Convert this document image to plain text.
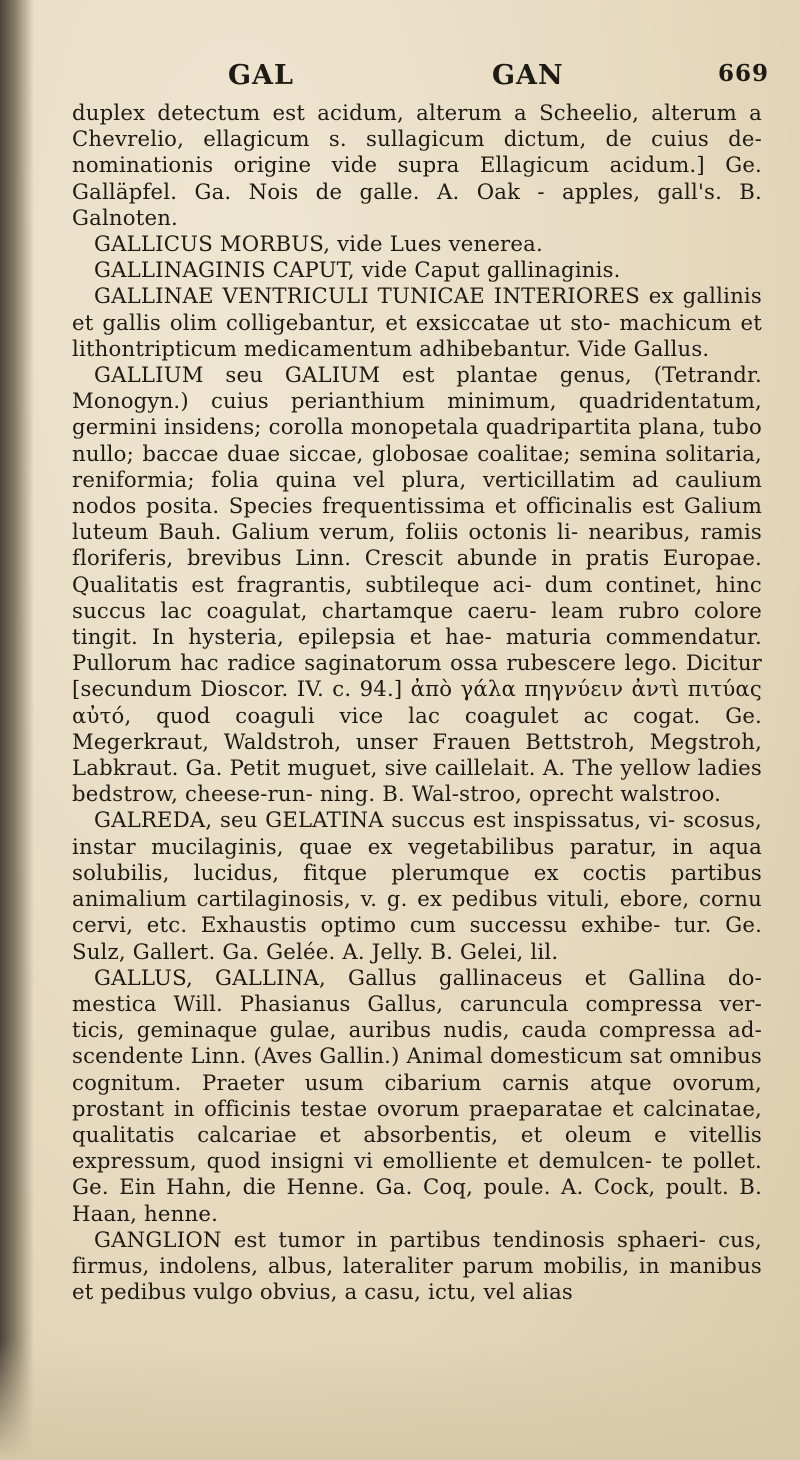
GAL	GAN	669

duplex detectum est acidum, alterum a Scheelio, alterum a Chevrelio, ellagicum s. sullagicum dictum, de cuius de- nominationis origine vide supra Ellagicum acidum.] Ge. Galläpfel. Ga. Nois de galle. A. Oak - apples, gall's. B. Galnoten.

GALLICUS MORBUS, vide Lues venerea.

GALLINAGINIS CAPUT, vide Caput gallinaginis.

GALLINAE VENTRICULI TUNICAE INTERIORES ex gallinis et gallis olim colligebantur, et exsiccatae ut sto- machicum et lithontripticum medicamentum adhibebantur. Vide Gallus.

GALLIUM seu GALIUM est plantae genus, (Tetrandr. Monogyn.) cuius perianthium minimum, quadridentatum, germini insidens; corolla monopetala quadripartita plana, tubo nullo; baccae duae siccae, globosae coalitae; semina solitaria, reniformia; folia quina vel plura, verticillatim ad caulium nodos posita. Species frequentissima et officinalis est Galium luteum Bauh. Galium verum, foliis octonis li- nearibus, ramis floriferis, brevibus Linn. Crescit abunde in pratis Europae. Qualitatis est fragrantis, subtileque aci- dum continet, hinc succus lac coagulat, chartamque caeru- leam rubro colore tingit. In hysteria, epilepsia et hae- maturia commendatur. Pullorum hac radice saginatorum ossa rubescere lego. Dicitur [secundum Dioscor. IV. c. 94.] ἀπὸ γάλα πηγνύειν ἀντὶ πιτύας αὐτό, quod coaguli vice lac coagulet ac cogat. Ge. Megerkraut, Waldstroh, unser Frauen Bettstroh, Megstroh, Labkraut. Ga. Petit muguet, sive caillelait. A. The yellow ladies bedstrow, cheese-run- ning. B. Wal-stroo, oprecht walstroo.

GALREDA, seu GELATINA succus est inspissatus, vi- scosus, instar mucilaginis, quae ex vegetabilibus paratur, in aqua solubilis, lucidus, fitque plerumque ex coctis partibus animalium cartilaginosis, v. g. ex pedibus vituli, ebore, cornu cervi, etc. Exhaustis optimo cum successu exhibe- tur. Ge. Sulz, Gallert. Ga. Gelée. A. Jelly. B. Gelei, lil.

GALLUS, GALLINA, Gallus gallinaceus et Gallina do- mestica Will. Phasianus Gallus, caruncula compressa ver- ticis, geminaque gulae, auribus nudis, cauda compressa ad- scendente Linn. (Aves Gallin.) Animal domesticum sat omnibus cognitum. Praeter usum cibarium carnis atque ovorum, prostant in officinis testae ovorum praeparatae et calcinatae, qualitatis calcariae et absorbentis, et oleum e vitellis expressum, quod insigni vi emolliente et demulcen- te pollet. Ge. Ein Hahn, die Henne. Ga. Coq, poule. A. Cock, poult. B. Haan, henne.

GANGLION est tumor in partibus tendinosis sphaeri- cus, firmus, indolens, albus, lateraliter parum mobilis, in manibus et pedibus vulgo obvius, a casu, ictu, vel alias
